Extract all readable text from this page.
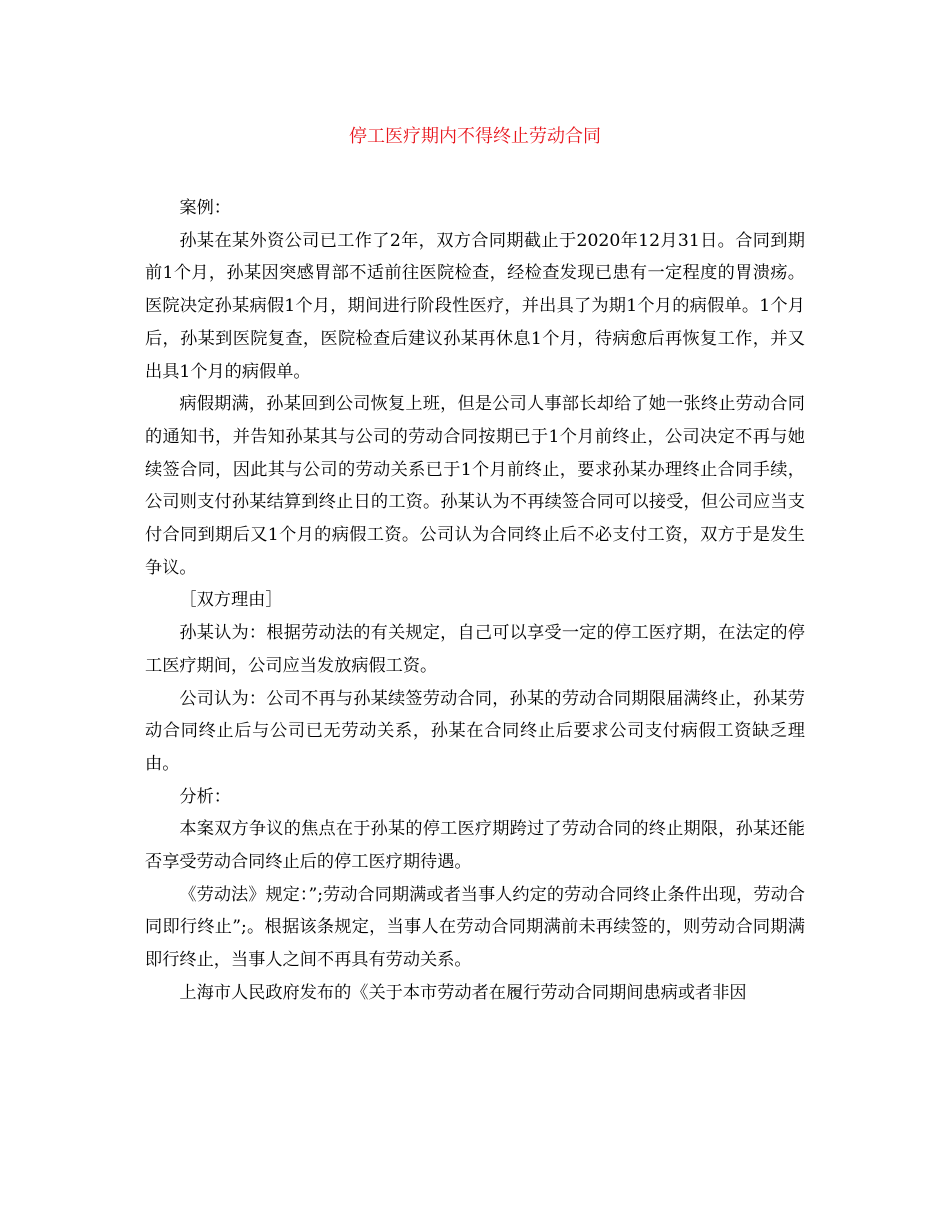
停工医疗期内不得终止劳动合同

案例：

孙某在某外资公司已工作了2年，双方合同期截止于2020年12月31日。合同到期前1个月，孙某因突感胃部不适前往医院检查，经检查发现已患有一定程度的胃溃疡。医院决定孙某病假1个月，期间进行阶段性医疗，并出具了为期1个月的病假单。1个月后，孙某到医院复查，医院检查后建议孙某再休息1个月，待病愈后再恢复工作，并又出具1个月的病假单。

病假期满，孙某回到公司恢复上班，但是公司人事部长却给了她一张终止劳动合同的通知书，并告知孙某其与公司的劳动合同按期已于1个月前终止，公司决定不再与她续签合同，因此其与公司的劳动关系已于1个月前终止，要求孙某办理终止合同手续，公司则支付孙某结算到终止日的工资。孙某认为不再续签合同可以接受，但公司应当支付合同到期后又1个月的病假工资。公司认为合同终止后不必支付工资，双方于是发生争议。

［双方理由］

孙某认为：根据劳动法的有关规定，自己可以享受一定的停工医疗期，在法定的停工医疗期间，公司应当发放病假工资。

公司认为：公司不再与孙某续签劳动合同，孙某的劳动合同期限届满终止，孙某劳动合同终止后与公司已无劳动关系，孙某在合同终止后要求公司支付病假工资缺乏理由。

分析：

本案双方争议的焦点在于孙某的停工医疗期跨过了劳动合同的终止期限，孙某还能否享受劳动合同终止后的停工医疗期待遇。

《劳动法》规定：”;劳动合同期满或者当事人约定的劳动合同终止条件出现，劳动合同即行终止”;。根据该条规定，当事人在劳动合同期满前未再续签的，则劳动合同期满即行终止，当事人之间不再具有劳动关系。

上海市人民政府发布的《关于本市劳动者在履行劳动合同期间患病或者非因
